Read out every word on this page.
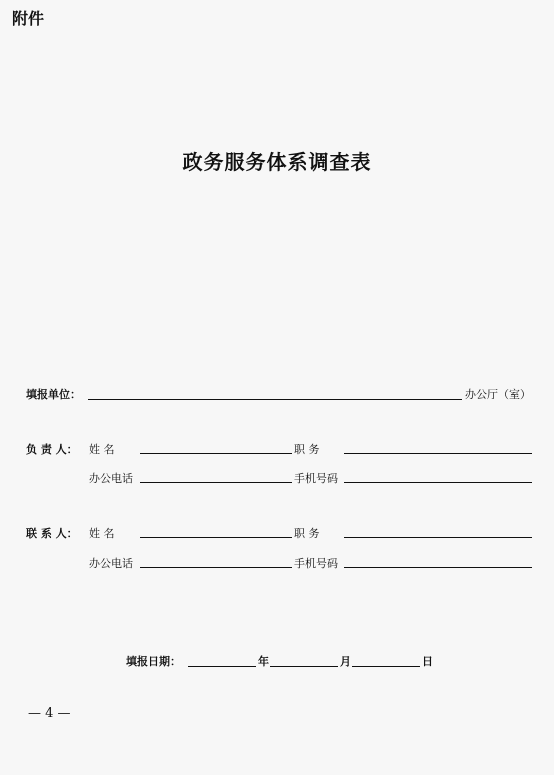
附件
政务服务体系调查表
填报单位：	办公厅（室）
负 责 人： 姓 名	职 务
办公电话	手机号码
联 系 人： 姓 名	职 务
办公电话	手机号码
填报日期：	年	月	日
— 4 —
